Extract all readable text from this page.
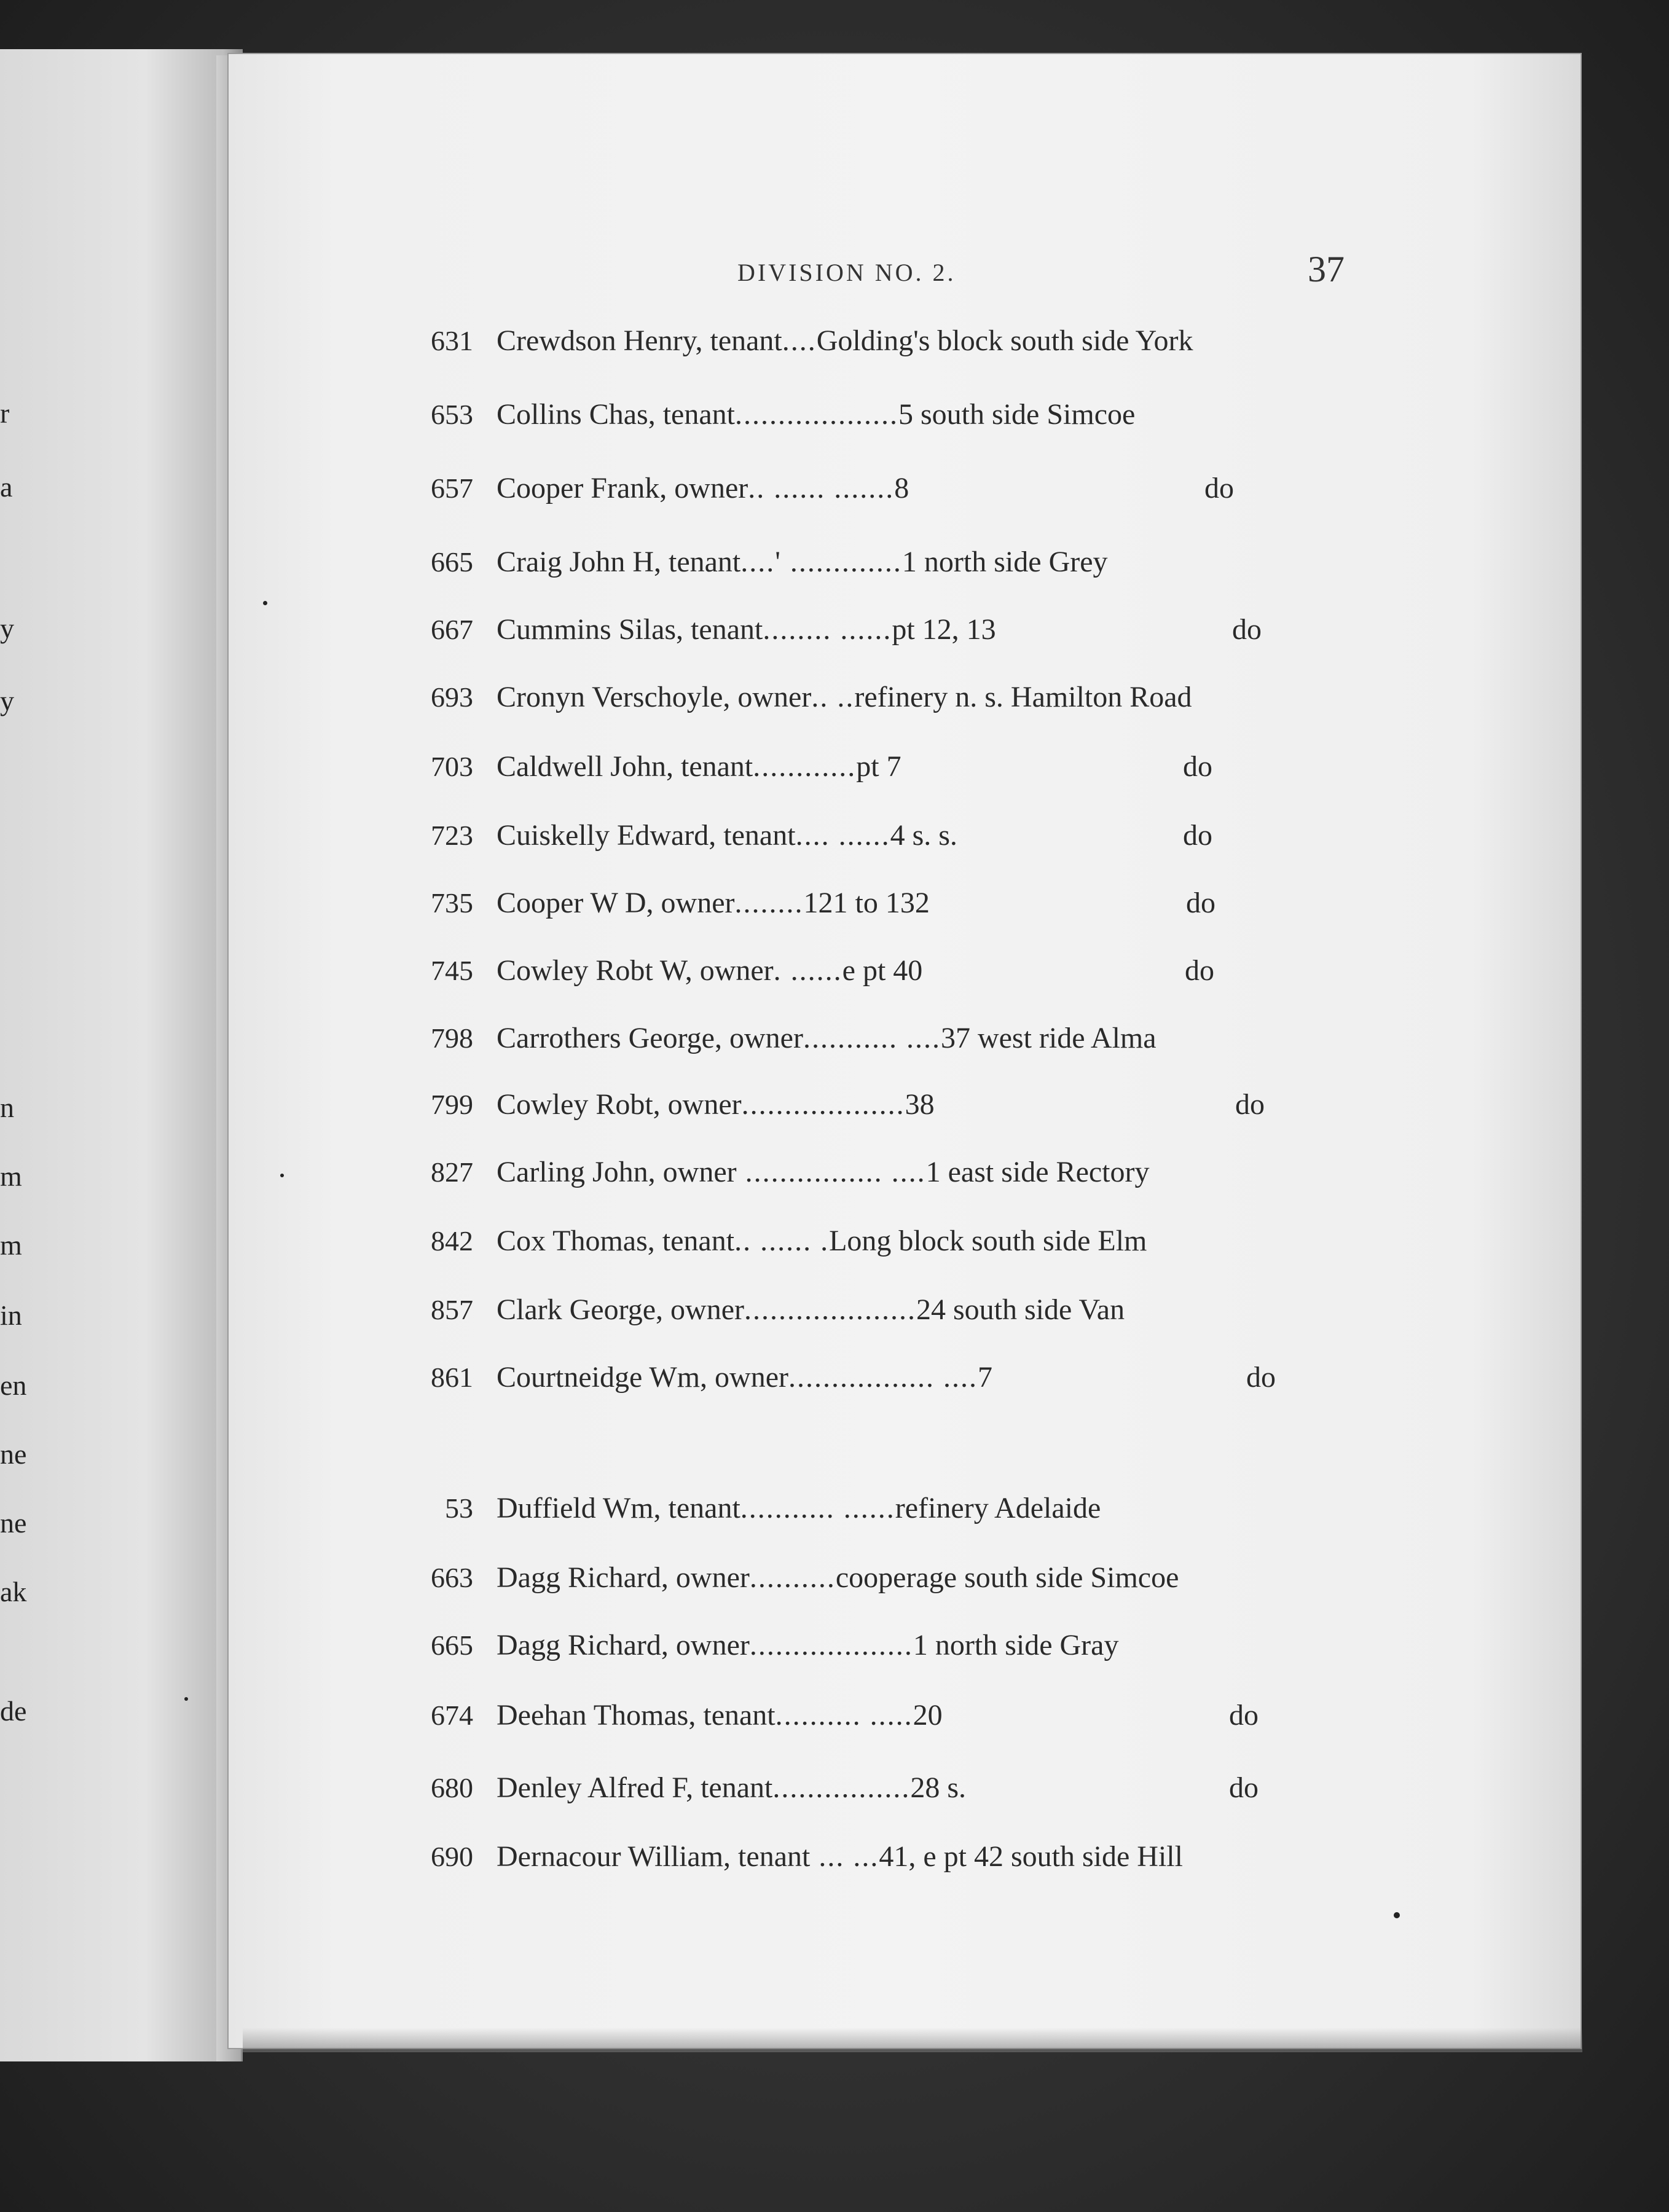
r
a
y
y
n
m
m
in
en
ne
ne
ak
de
DIVISION NO. 2.	37
631 Crewdson Henry, tenant....Golding's block south side York
653 Collins Chas, tenant...................5 south side Simcoe
657 Cooper Frank, owner.. ...... .......8	do
665 Craig John H, tenant....' .............1 north side Grey
667 Cummins Silas, tenant........ ......pt 12, 13	do
693 Cronyn Verschoyle, owner.. ..refinery n. s. Hamilton Road
703 Caldwell John, tenant............pt 7	do
723 Cuiskelly Edward, tenant.... ......4 s. s.	do
735 Cooper W D, owner........121 to 132	do
745 Cowley Robt W, owner. ......e pt 40	do
798 Carrothers George, owner........... ....37 west ride Alma
799 Cowley Robt, owner...................38	do
827 Carling John, owner ................ ....1 east side Rectory
842 Cox Thomas, tenant.. ...... .Long block south side Elm
857 Clark George, owner....................24 south side Van
861 Courtneidge Wm, owner................. ....7	do
53 Duffield Wm, tenant........... ......refinery Adelaide
663 Dagg Richard, owner..........cooperage south side Simcoe
665 Dagg Richard, owner...................1 north side Gray
674 Deehan Thomas, tenant.......... .....20	do
680 Denley Alfred F, tenant................28 s.	do
690 Dernacour William, tenant ... ...41, e pt 42 south side Hill
